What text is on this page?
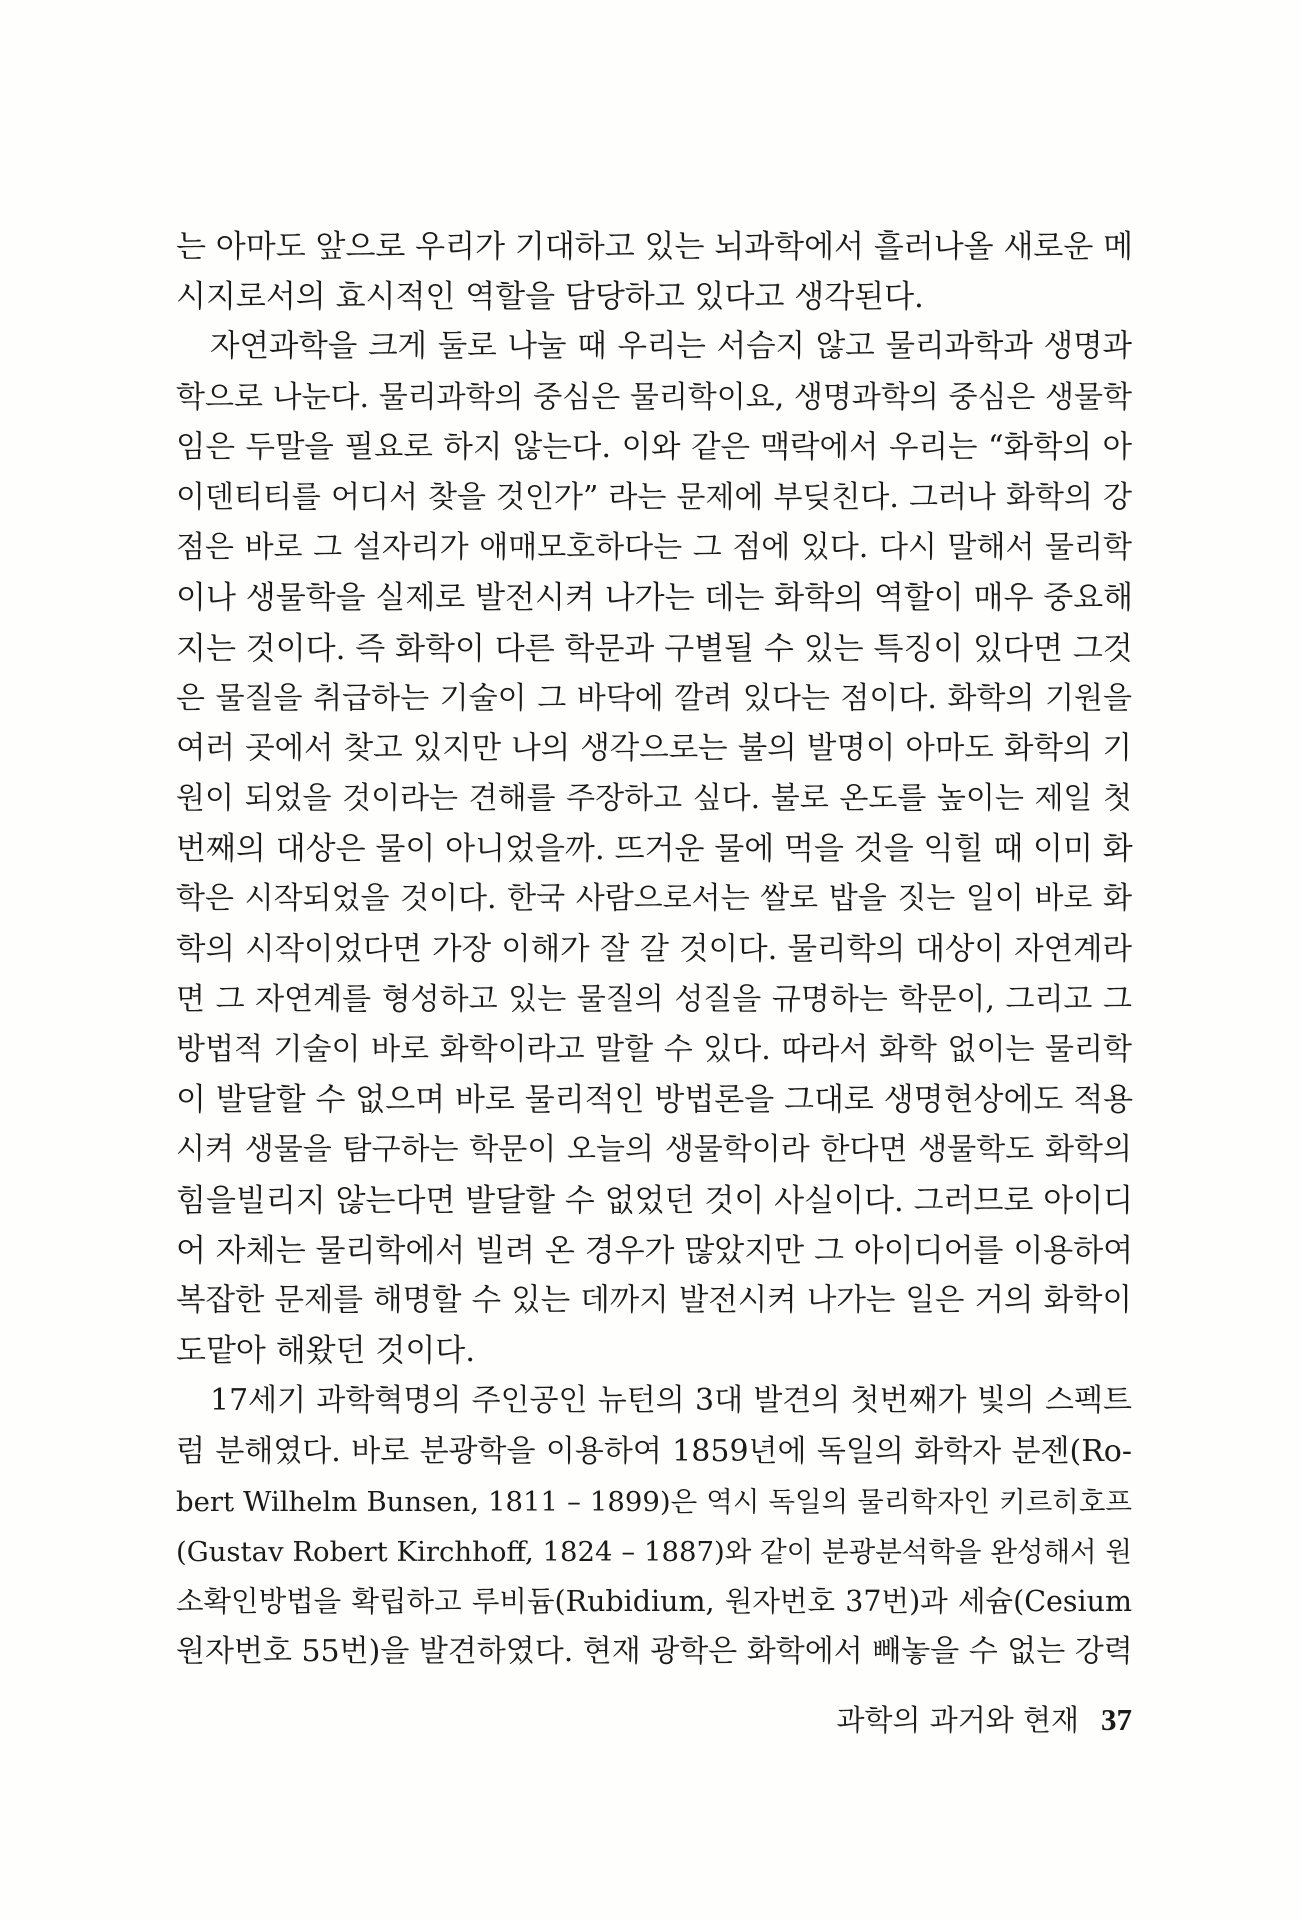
는 아마도 앞으로 우리가 기대하고 있는 뇌과학에서 흘러나올 새로운 메
시지로서의 효시적인 역할을 담당하고 있다고 생각된다.
자연과학을 크게 둘로 나눌 때 우리는 서슴지 않고 물리과학과 생명과
학으로 나눈다. 물리과학의 중심은 물리학이요, 생명과학의 중심은 생물학
임은 두말을 필요로 하지 않는다. 이와 같은 맥락에서 우리는 “화학의 아
이덴티티를 어디서 찾을 것인가” 라는 문제에 부딪친다. 그러나 화학의 강
점은 바로 그 설자리가 애매모호하다는 그 점에 있다. 다시 말해서 물리학
이나 생물학을 실제로 발전시켜 나가는 데는 화학의 역할이 매우 중요해
지는 것이다. 즉 화학이 다른 학문과 구별될 수 있는 특징이 있다면 그것
은 물질을 취급하는 기술이 그 바닥에 깔려 있다는 점이다. 화학의 기원을
여러 곳에서 찾고 있지만 나의 생각으로는 불의 발명이 아마도 화학의 기
원이 되었을 것이라는 견해를 주장하고 싶다. 불로 온도를 높이는 제일 첫
번째의 대상은 물이 아니었을까. 뜨거운 물에 먹을 것을 익힐 때 이미 화
학은 시작되었을 것이다. 한국 사람으로서는 쌀로 밥을 짓는 일이 바로 화
학의 시작이었다면 가장 이해가 잘 갈 것이다. 물리학의 대상이 자연계라
면 그 자연계를 형성하고 있는 물질의 성질을 규명하는 학문이, 그리고 그
방법적 기술이 바로 화학이라고 말할 수 있다. 따라서 화학 없이는 물리학
이 발달할 수 없으며 바로 물리적인 방법론을 그대로 생명현상에도 적용
시켜 생물을 탐구하는 학문이 오늘의 생물학이라 한다면 생물학도 화학의
힘을빌리지 않는다면 발달할 수 없었던 것이 사실이다. 그러므로 아이디
어 자체는 물리학에서 빌려 온 경우가 많았지만 그 아이디어를 이용하여
복잡한 문제를 해명할 수 있는 데까지 발전시켜 나가는 일은 거의 화학이
도맡아 해왔던 것이다.
17세기 과학혁명의 주인공인 뉴턴의 3대 발견의 첫번째가 빛의 스펙트
럼 분해였다. 바로 분광학을 이용하여 1859년에 독일의 화학자 분젠(Ro-
bert Wilhelm Bunsen, 1811 – 1899)은 역시 독일의 물리학자인 키르히호프
(Gustav Robert Kirchhoff, 1824 – 1887)와 같이 분광분석학을 완성해서 원
소확인방법을 확립하고 루비듐(Rubidium, 원자번호 37번)과 세슘(Cesium
원자번호 55번)을 발견하였다. 현재 광학은 화학에서 빼놓을 수 없는 강력
과학의 과거와 현재 37
